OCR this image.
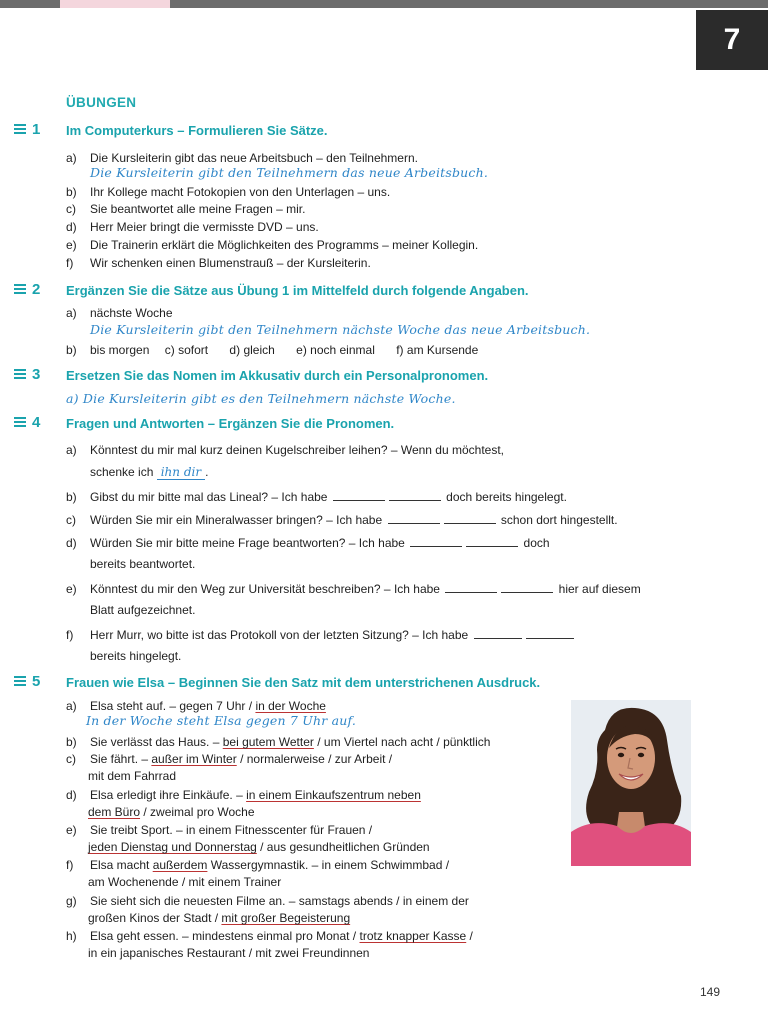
7
ÜBUNGEN
1 Im Computerkurs – Formulieren Sie Sätze.
a) Die Kursleiterin gibt das neue Arbeitsbuch – den Teilnehmern.
Die Kursleiterin gibt den Teilnehmern das neue Arbeitsbuch.
b) Ihr Kollege macht Fotokopien von den Unterlagen – uns.
c) Sie beantwortet alle meine Fragen – mir.
d) Herr Meier bringt die vermisste DVD – uns.
e) Die Trainerin erklärt die Möglichkeiten des Programms – meiner Kollegin.
f) Wir schenken einen Blumenstrauß – der Kursleiterin.
2 Ergänzen Sie die Sätze aus Übung 1 im Mittelfeld durch folgende Angaben.
a) nächste Woche
Die Kursleiterin gibt den Teilnehmern nächste Woche das neue Arbeitsbuch.
b) bis morgen c) sofort d) gleich e) noch einmal f) am Kursende
3 Ersetzen Sie das Nomen im Akkusativ durch ein Personalpronomen.
a) Die Kursleiterin gibt es den Teilnehmern nächste Woche.
4 Fragen und Antworten – Ergänzen Sie die Pronomen.
a) Könntest du mir mal kurz deinen Kugelschreiber leihen? – Wenn du möchtest,
schenke ich ihn dir .
b) Gibst du mir bitte mal das Lineal? – Ich habe	doch bereits hingelegt.
c) Würden Sie mir ein Mineralwasser bringen? – Ich habe	schon dort hingestellt.
d) Würden Sie mir bitte meine Frage beantworten? – Ich habe	doch
bereits beantwortet.
e) Könntest du mir den Weg zur Universität beschreiben? – Ich habe	hier auf diesem
Blatt aufgezeichnet.
f) Herr Murr, wo bitte ist das Protokoll von der letzten Sitzung? – Ich habe
bereits hingelegt.
5 Frauen wie Elsa – Beginnen Sie den Satz mit dem unterstrichenen Ausdruck.
a) Elsa steht auf. – gegen 7 Uhr / in der Woche
In der Woche steht Elsa gegen 7 Uhr auf.
b) Sie verlässt das Haus. – bei gutem Wetter / um Viertel nach acht / pünktlich
c) Sie fährt. – außer im Winter / normalerweise / zur Arbeit /
mit dem Fahrrad
d) Elsa erledigt ihre Einkäufe. – in einem Einkaufszentrum neben
dem Büro / zweimal pro Woche
e) Sie treibt Sport. – in einem Fitnesscenter für Frauen /
jeden Dienstag und Donnerstag / aus gesundheitlichen Gründen
f) Elsa macht außerdem Wassergymnastik. – in einem Schwimmbad /
am Wochenende / mit einem Trainer
g) Sie sieht sich die neuesten Filme an. – samstags abends / in einem der
großen Kinos der Stadt / mit großer Begeisterung
h) Elsa geht essen. – mindestens einmal pro Monat / trotz knapper Kasse /
in ein japanisches Restaurant / mit zwei Freundinnen
149
